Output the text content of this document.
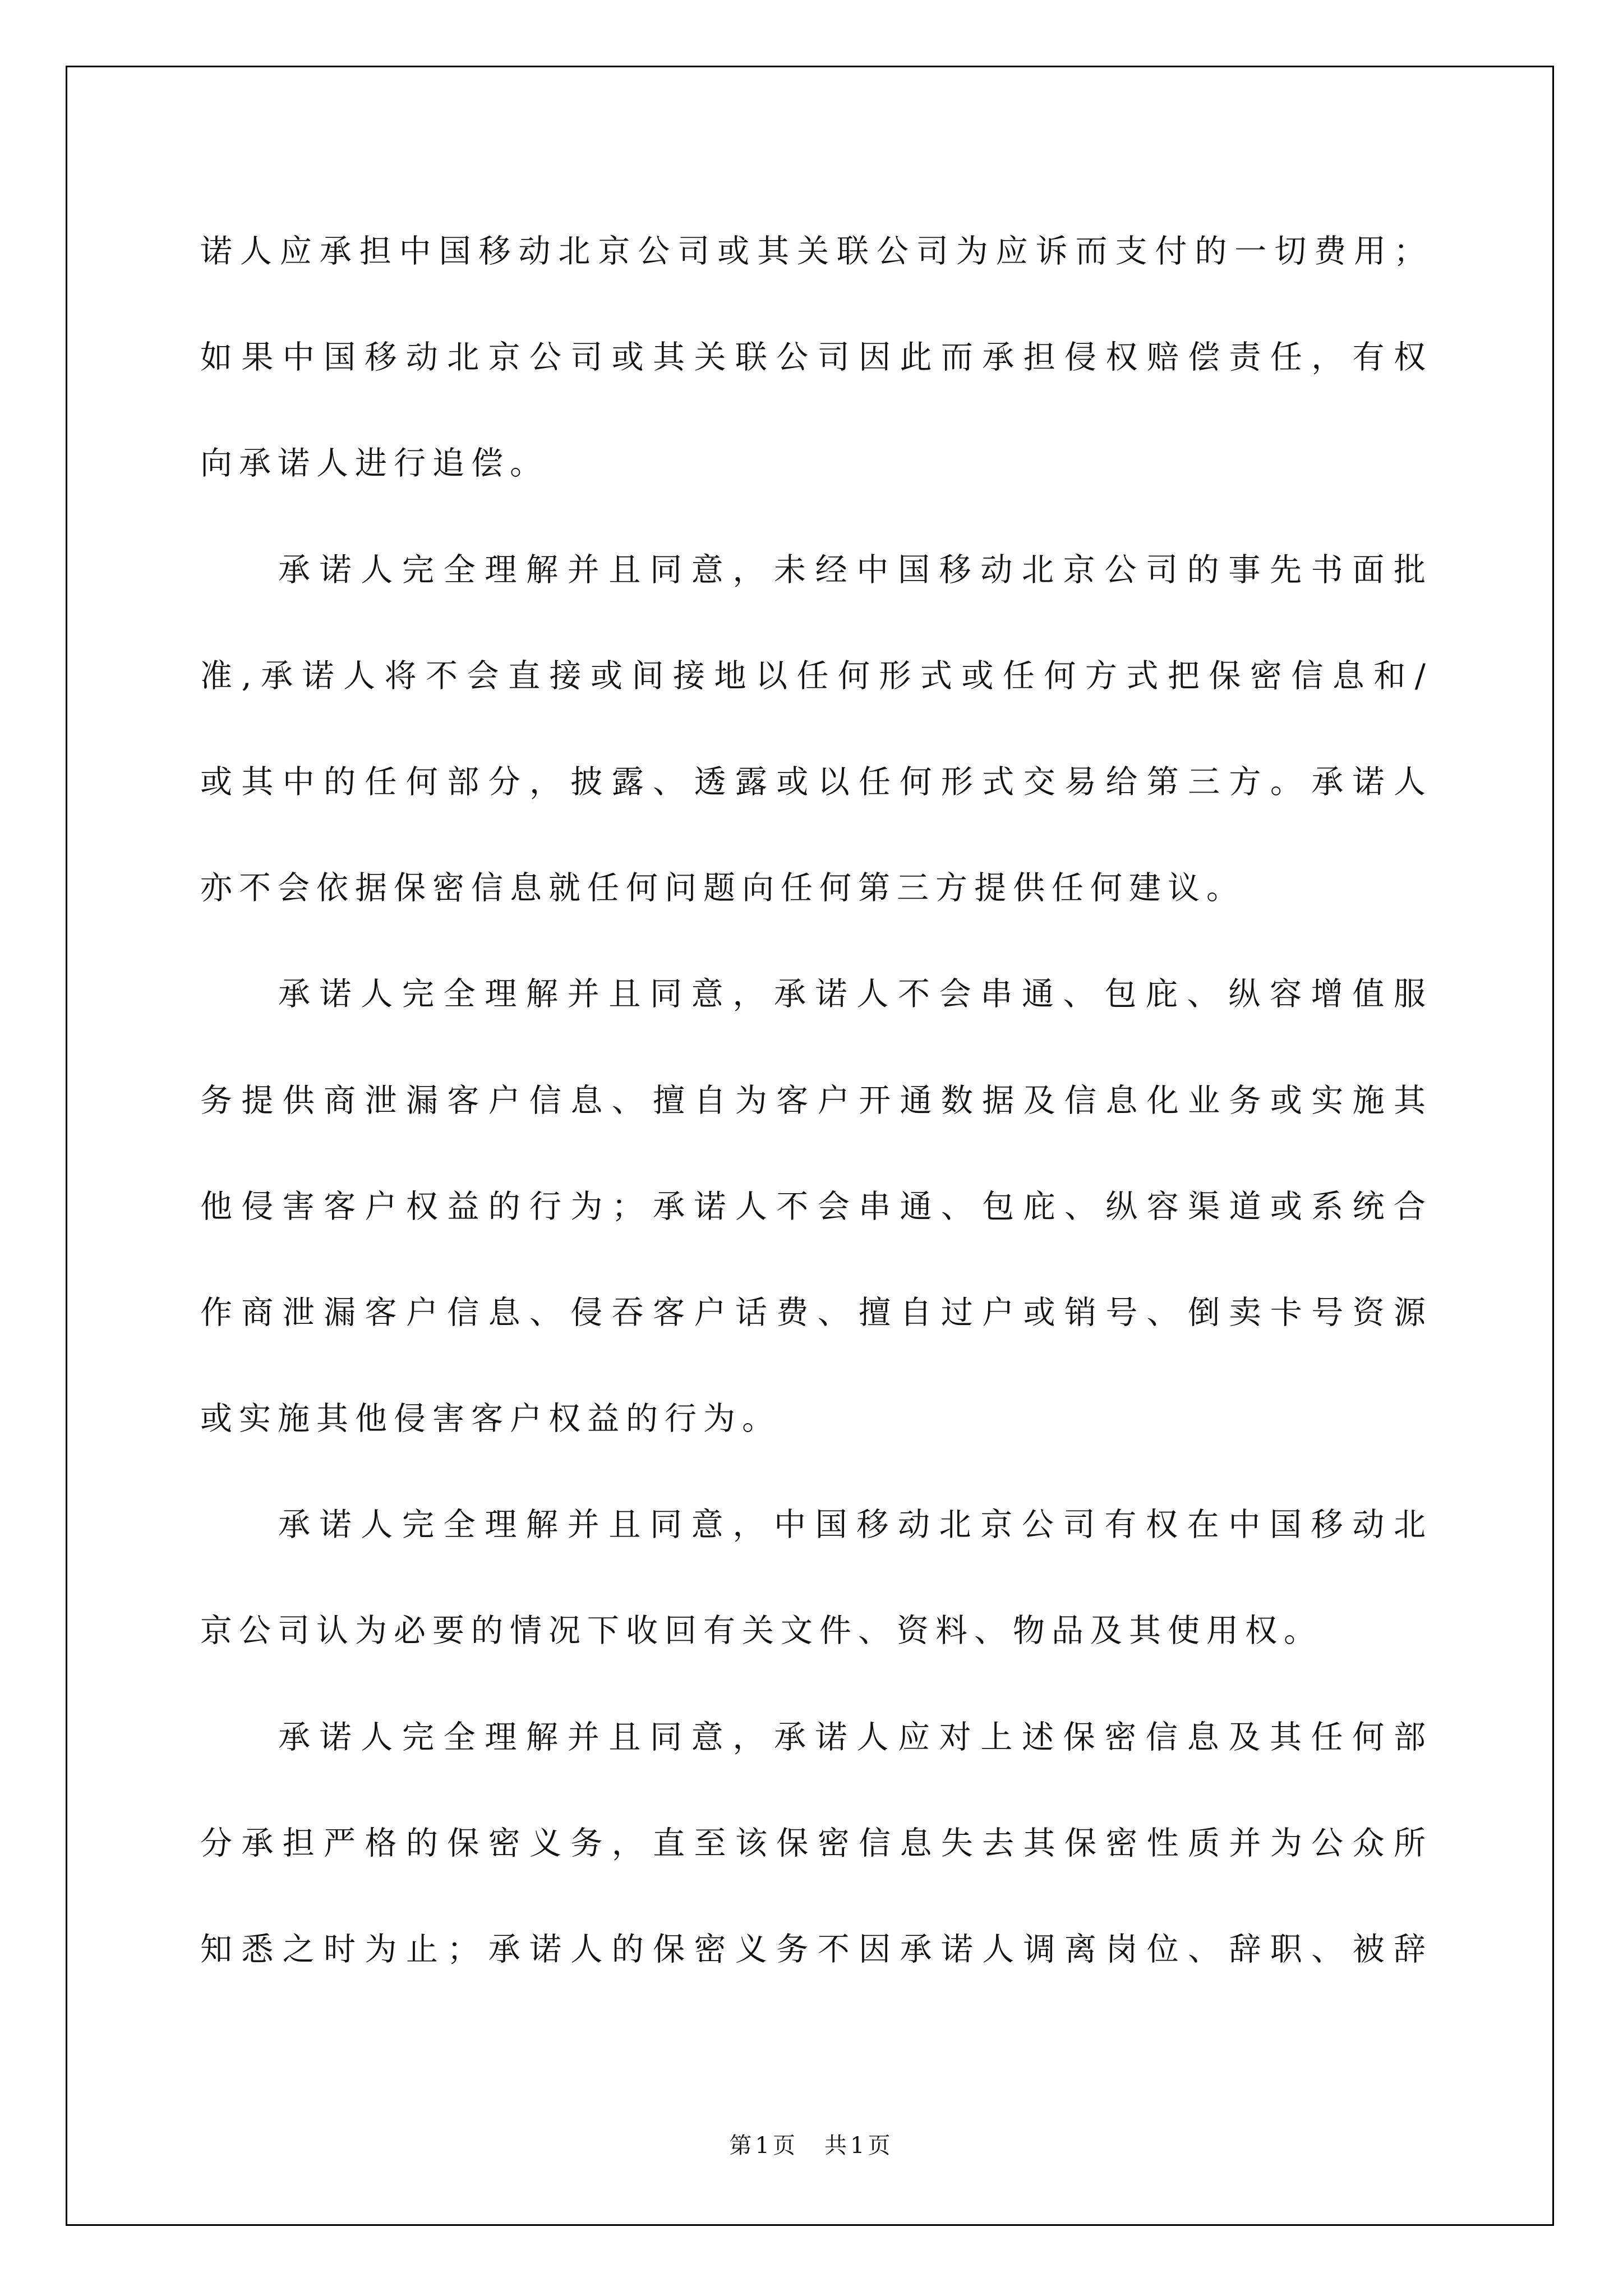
诺人应承担中国移动北京公司或其关联公司为应诉而支付的一切费用；
如果中国移动北京公司或其关联公司因此而承担侵权赔偿责任，有权
向承诺人进行追偿。
承诺人完全理解并且同意，未经中国移动北京公司的事先书面批
准,承诺人将不会直接或间接地以任何形式或任何方式把保密信息和/
或其中的任何部分，披露、透露或以任何形式交易给第三方。承诺人
亦不会依据保密信息就任何问题向任何第三方提供任何建议。
承诺人完全理解并且同意，承诺人不会串通、包庇、纵容增值服
务提供商泄漏客户信息、擅自为客户开通数据及信息化业务或实施其
他侵害客户权益的行为；承诺人不会串通、包庇、纵容渠道或系统合
作商泄漏客户信息、侵吞客户话费、擅自过户或销号、倒卖卡号资源
或实施其他侵害客户权益的行为。
承诺人完全理解并且同意，中国移动北京公司有权在中国移动北
京公司认为必要的情况下收回有关文件、资料、物品及其使用权。
承诺人完全理解并且同意，承诺人应对上述保密信息及其任何部
分承担严格的保密义务，直至该保密信息失去其保密性质并为公众所
知悉之时为止；承诺人的保密义务不因承诺人调离岗位、辞职、被辞
第1页　共1页
